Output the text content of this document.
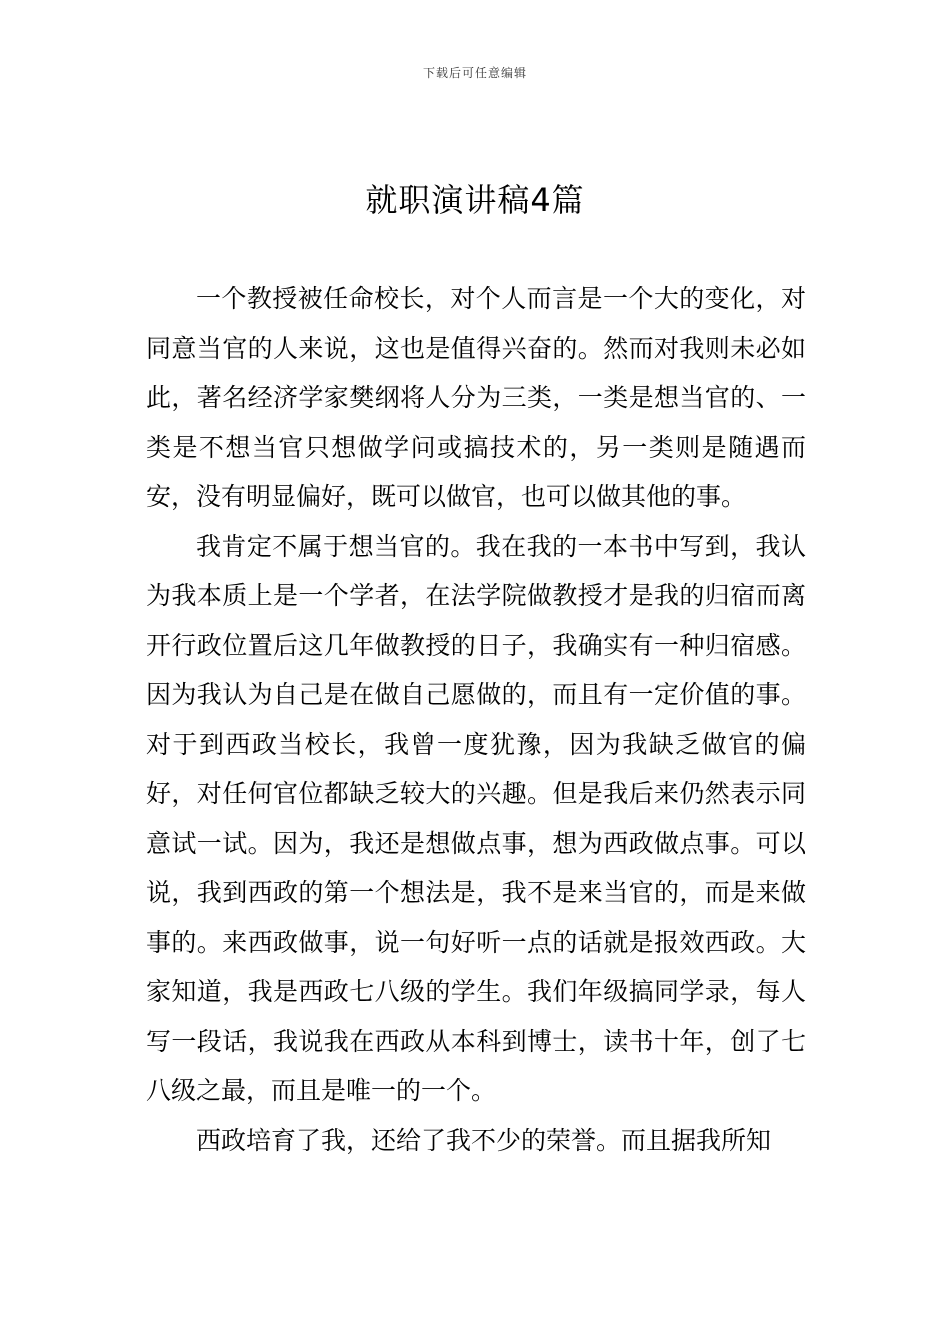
下载后可任意编辑
就职演讲稿4篇

一个教授被任命校长，对个人而言是一个大的变化，对同意当官的人来说，这也是值得兴奋的。然而对我则未必如此，著名经济学家樊纲将人分为三类，一类是想当官的、一类是不想当官只想做学问或搞技术的，另一类则是随遇而安，没有明显偏好，既可以做官，也可以做其他的事。

我肯定不属于想当官的。我在我的一本书中写到，我认为我本质上是一个学者，在法学院做教授才是我的归宿而离开行政位置后这几年做教授的日子，我确实有一种归宿感。因为我认为自己是在做自己愿做的，而且有一定价值的事。对于到西政当校长，我曾一度犹豫，因为我缺乏做官的偏好，对任何官位都缺乏较大的兴趣。但是我后来仍然表示同意试一试。因为，我还是想做点事，想为西政做点事。可以说，我到西政的第一个想法是，我不是来当官的，而是来做事的。来西政做事，说一句好听一点的话就是报效西政。大家知道，我是西政七八级的学生。我们年级搞同学录，每人写一段话，我说我在西政从本科到博士，读书十年，创了七八级之最，而且是唯一的一个。

西政培育了我，还给了我不少的荣誉。而且据我所知
